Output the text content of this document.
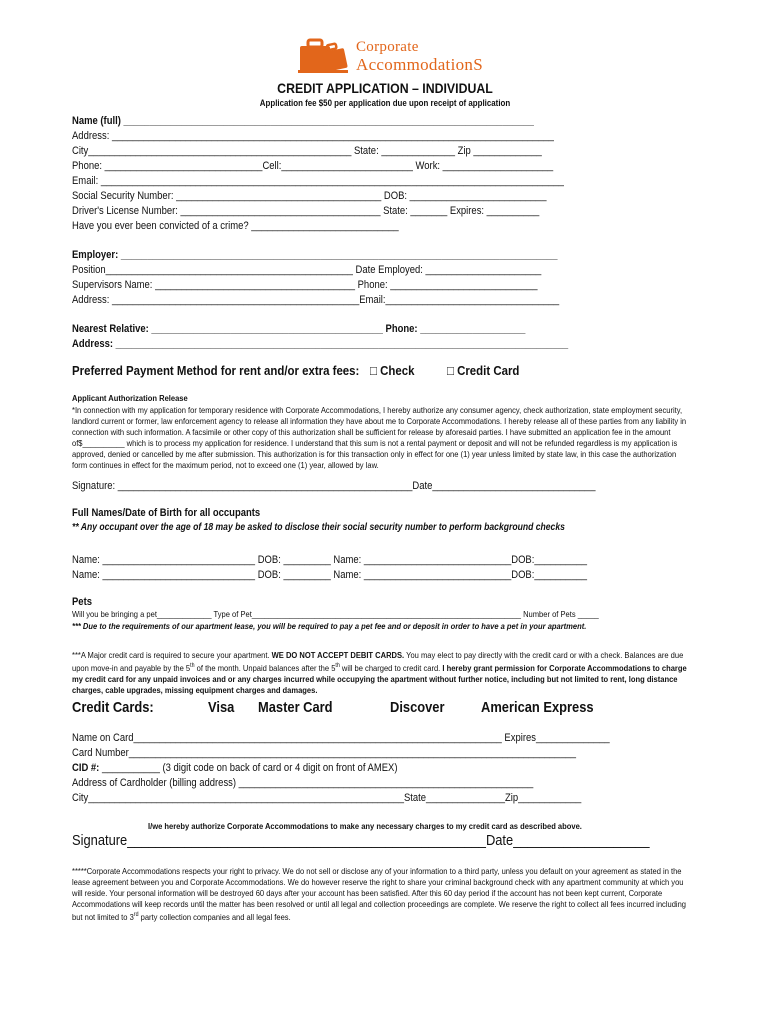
Corporate
AccommodationS
CREDIT APPLICATION – INDIVIDUAL
Application fee $50 per application due upon receipt of application
Name (full) ______________________________________________________________________________
Address: ____________________________________________________________________________________
City__________________________________________________ State: ______________ Zip _____________
Phone: ______________________________Cell:_________________________ Work: _____________________
Email: ________________________________________________________________________________________
Social Security Number: _______________________________________ DOB: __________________________
Driver's License Number: ______________________________________ State: _______ Expires: __________
Have you ever been convicted of a crime? ____________________________
Employer: ___________________________________________________________________________________
Position_______________________________________________ Date Employed: ______________________
Supervisors Name: ______________________________________ Phone: ____________________________
Address: _______________________________________________Email:_________________________________
Nearest Relative: ____________________________________________ Phone: ____________________
Address: ______________________________________________________________________________________
Preferred Payment Method for rent and/or extra fees: □ Check	□ Credit Card
Applicant Authorization Release
*In connection with my application for temporary residence with Corporate Accommodations, I hereby authorize any consumer agency, check authorization, state employment security, landlord current or former, law enforcement agency to release all information they have about me to Corporate Accommodations. I hereby release all of these parties from any liability in connection with such information. A facsimile or other copy of this authorization shall be sufficient for release by aforesaid parties. I have submitted an application fee in the amount of$__________ which is to process my application for residence. I understand that this sum is not a rental payment or deposit and will not be refunded regardless is my application is approved, denied or cancelled by me after submission. This authorization is for this transaction only in effect for one (1) year unless limited by state law, in this case the authorization form continues in effect for the maximum period, not to exceed one (1) year, allowed by law.
Signature: ________________________________________________________Date_______________________________
Full Names/Date of Birth for all occupants
** Any occupant over the age of 18 may be asked to disclose their social security number to perform background checks
Name: _____________________________ DOB: _________ Name: ____________________________DOB:__________
Name: _____________________________ DOB: _________ Name: ____________________________DOB:__________
Pets
Will you be bringing a pet_____________ Type of Pet________________________________________________________________ Number of Pets _____
*** Due to the requirements of our apartment lease, you will be required to pay a pet fee and or deposit in order to have a pet in your apartment.
***A Major credit card is required to secure your apartment. WE DO NOT ACCEPT DEBIT CARDS. You may elect to pay directly with the credit card or with a check. Balances are due upon move-in and payable by the 5th of the month. Unpaid balances after the 5th will be charged to credit card. I hereby grant permission for Corporate Accommodations to charge my credit card for any unpaid invoices and or any charges incurred while occupying the apartment without further notice, including but not limited to rent, long distance charges, cable upgrades, missing equipment charges and damages.
Credit Cards:	Visa Master Card	Discover American Express
Name on Card______________________________________________________________________ Expires______________
Card Number_____________________________________________________________________________________
CID #: ___________ (3 digit code on back of card or 4 digit on front of AMEX)
Address of Cardholder (billing address) ________________________________________________________
City____________________________________________________________State_______________Zip____________
I/we hereby authorize Corporate Accommodations to make any necessary charges to my credit card as described above.
Signature__________________________________________________Date___________________
*****Corporate Accommodations respects your right to privacy. We do not sell or disclose any of your information to a third party, unless you default on your agreement as stated in the lease agreement between you and Corporate Accommodations. We do however reserve the right to share your criminal background check with any apartment community at which you will reside. Your personal information will be destroyed 60 days after your account has been satisfied. After this 60 day period if the account has not been kept current, Corporate Accommodations will keep records until the matter has been resolved or until all legal and collection proceedings are complete. We reserve the right to collect all fees incurred including but not limited to 3rd party collection companies and all legal fees.
